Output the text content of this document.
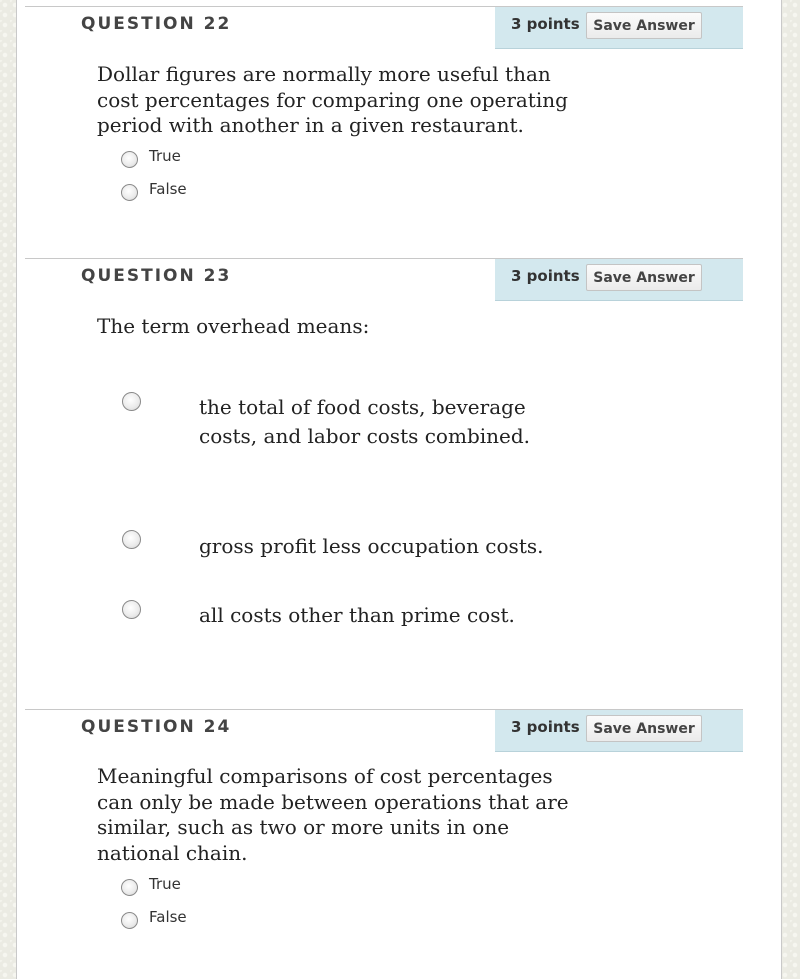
QUESTION 22	3 points Save Answer
Dollar figures are normally more useful than
cost percentages for comparing one operating
period with another in a given restaurant.
True
False
QUESTION 23	3 points Save Answer
The term overhead means:
the total of food costs, beverage
costs, and labor costs combined.
gross profit less occupation costs.
all costs other than prime cost.
QUESTION 24	3 points Save Answer
Meaningful comparisons of cost percentages
can only be made between operations that are
similar, such as two or more units in one
national chain.
True
False
